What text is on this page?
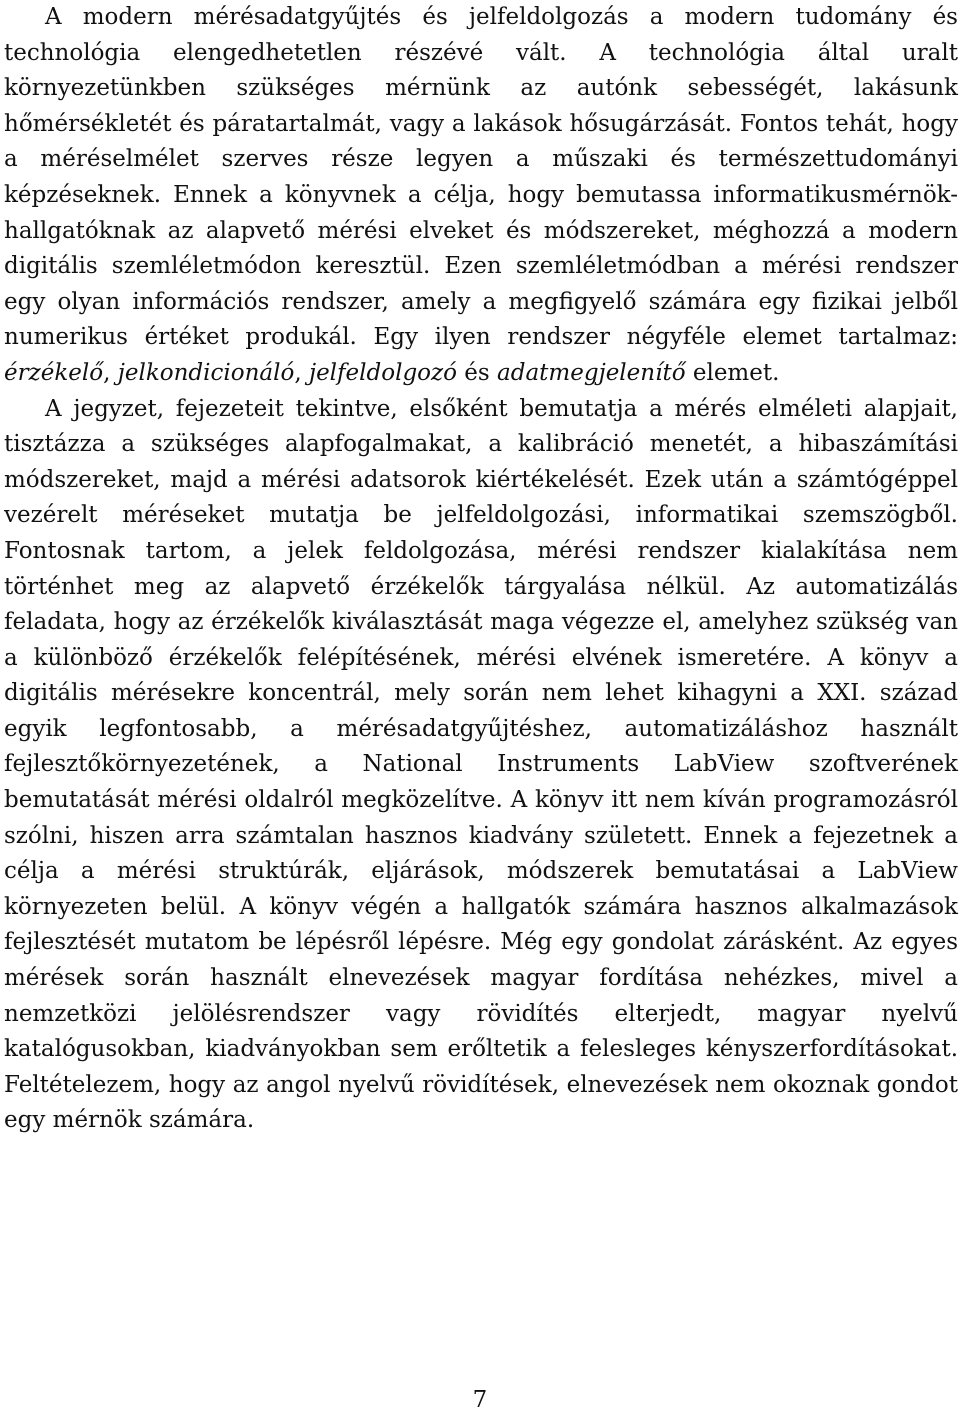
A modern mérésadatgyűjtés és jelfeldolgozás a modern tudomány és technológia elengedhetetlen részévé vált. A technológia által uralt környezetünkben szükséges mérnünk az autónk sebességét, lakásunk hőmérsékletét és páratartalmát, vagy a lakások hősugárzását. Fontos tehát, hogy a méréselmélet szerves része legyen a műszaki és természettudományi képzéseknek. Ennek a könyvnek a célja, hogy bemutassa informatikusmérnök-hallgatóknak az alapvető mérési elveket és módszereket, méghozzá a modern digitális szemléletmódon keresztül. Ezen szemléletmódban a mérési rendszer egy olyan információs rendszer, amely a megfigyelő számára egy fizikai jelből numerikus értéket produkál. Egy ilyen rendszer négyféle elemet tartalmaz: érzékelő, jelkondicionáló, jelfeldolgozó és adatmegjelenítő elemet.

A jegyzet, fejezeteit tekintve, elsőként bemutatja a mérés elméleti alapjait, tisztázza a szükséges alapfogalmakat, a kalibráció menetét, a hibaszámítási módszereket, majd a mérési adatsorok kiértékelését. Ezek után a számtógéppel vezérelt méréseket mutatja be jelfeldolgozási, informatikai szemszögből. Fontosnak tartom, a jelek feldolgozása, mérési rendszer kialakítása nem történhet meg az alapvető érzékelők tárgyalása nélkül. Az automatizálás feladata, hogy az érzékelők kiválasztását maga végezze el, amelyhez szükség van a különböző érzékelők felépítésének, mérési elvének ismeretére. A könyv a digitális mérésekre koncentrál, mely során nem lehet kihagyni a XXI. század egyik legfontosabb, a mérésadatgyűjtéshez, automatizáláshoz használt fejlesztőkörnyezetének, a National Instruments LabView szoftverének bemutatását mérési oldalról megközelítve. A könyv itt nem kíván programozásról szólni, hiszen arra számtalan hasznos kiadvány született. Ennek a fejezetnek a célja a mérési struktúrák, eljárások, módszerek bemutatásai a LabView környezeten belül. A könyv végén a hallgatók számára hasznos alkalmazások fejlesztését mutatom be lépésről lépésre. Még egy gondolat zárásként. Az egyes mérések során használt elnevezések magyar fordítása nehézkes, mivel a nemzetközi jelölésrendszer vagy rövidítés elterjedt, magyar nyelvű katalógusokban, kiadványokban sem erőltetik a felesleges kényszerfordításokat. Feltételezem, hogy az angol nyelvű rövidítések, elnevezések nem okoznak gondot egy mérnök számára.

7
